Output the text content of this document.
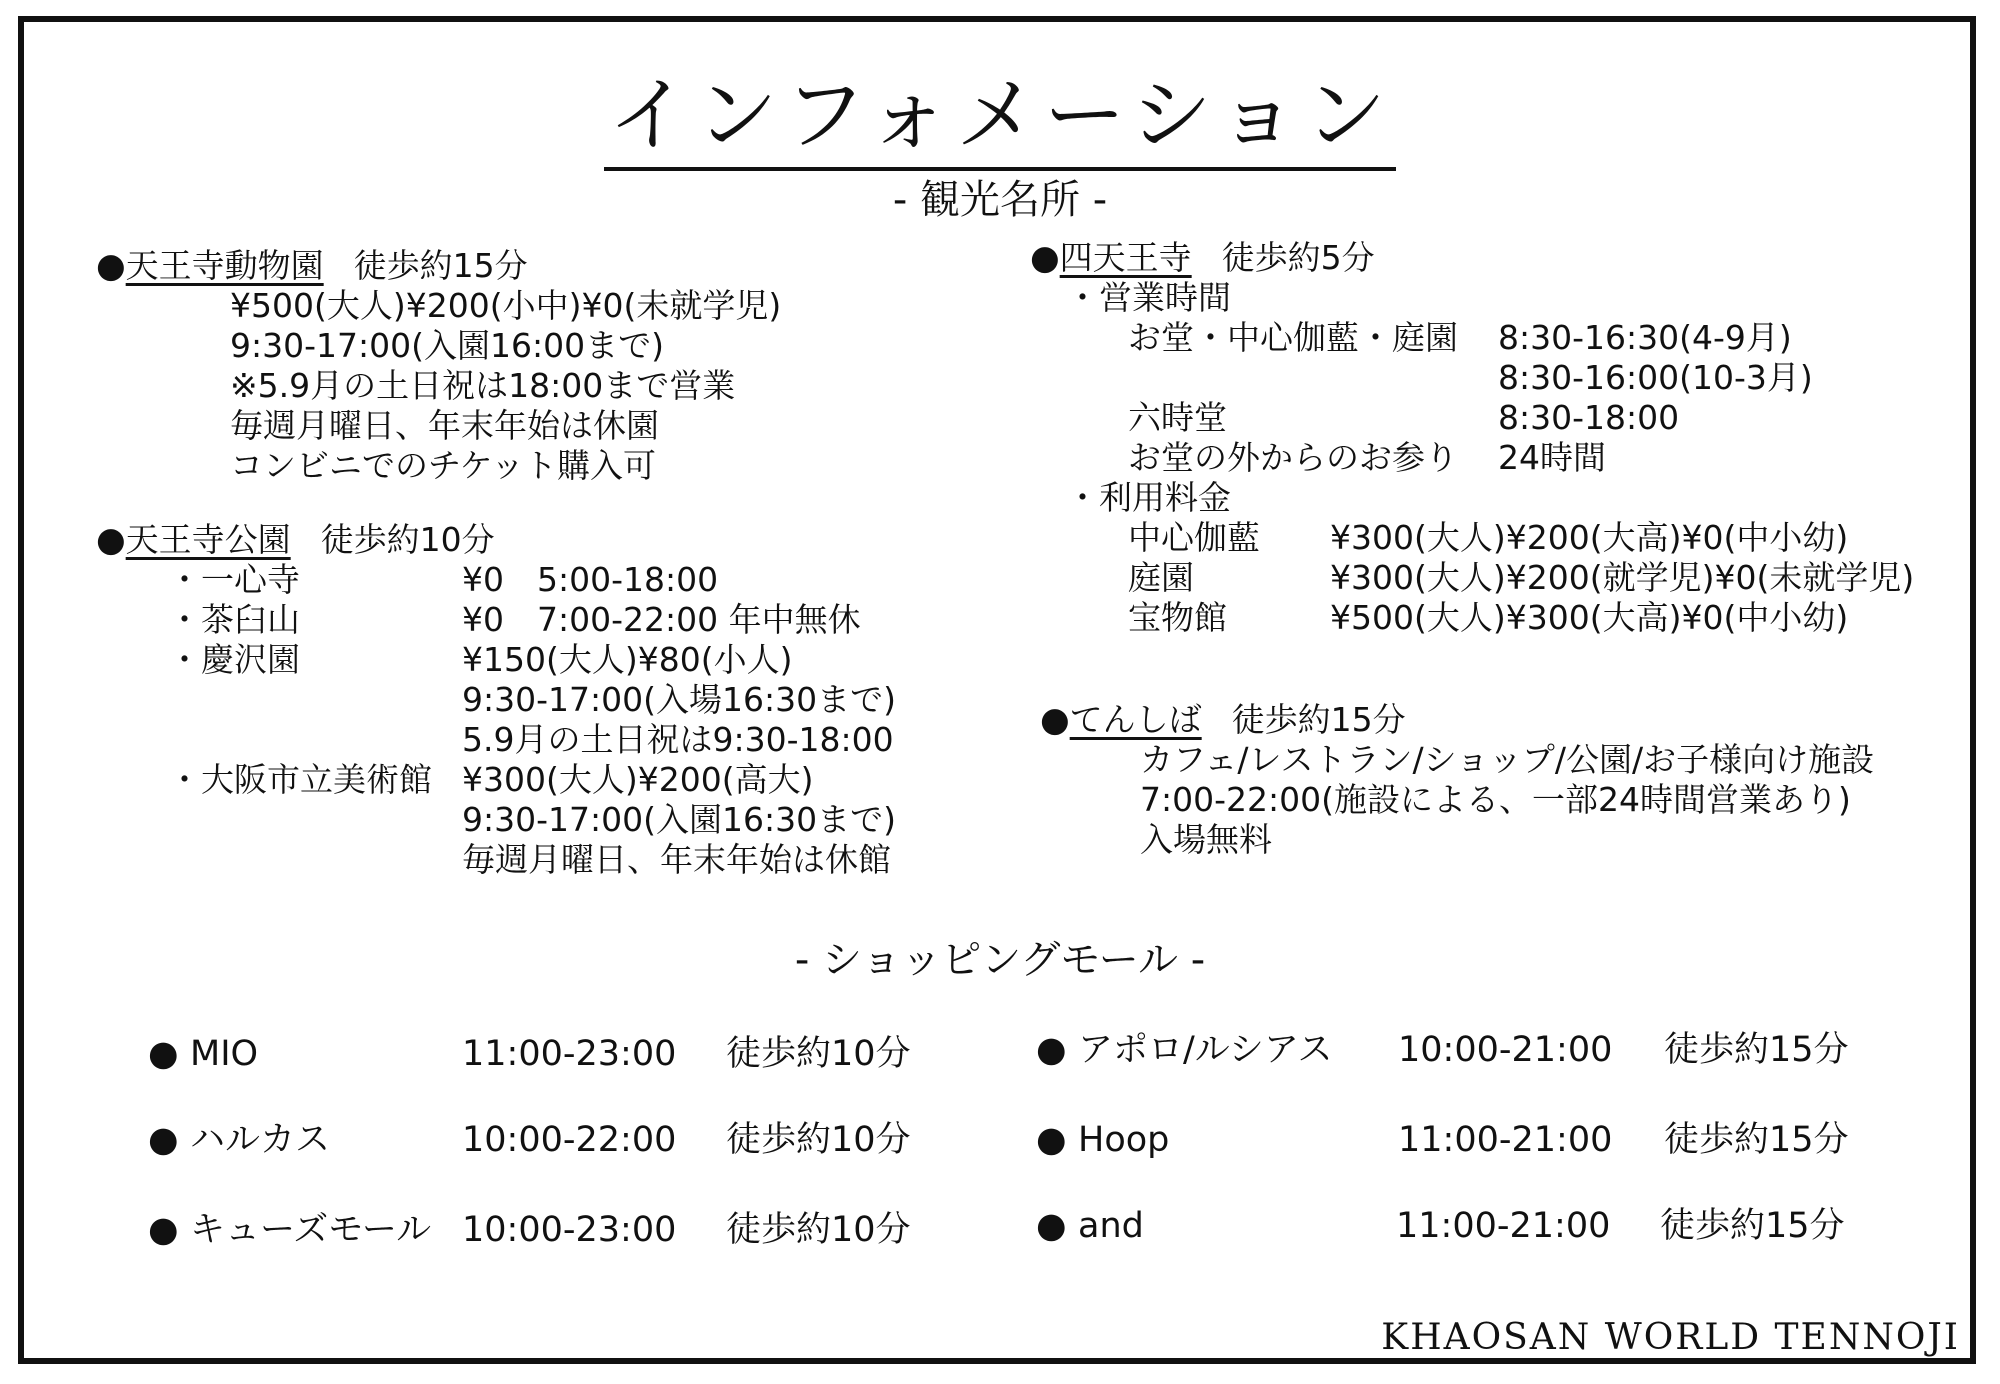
インフォメーション
- 観光名所 -
●天王寺動物園 徒歩約15分
¥500(大人)¥200(小中)¥0(未就学児)
9:30-17:00(入園16:00まで)
※5.9月の土日祝は18:00まで営業
毎週月曜日、年末年始は休園
コンビニでのチケット購入可
●天王寺公園 徒歩約10分
・一心寺	¥0　5:00-18:00
・茶臼山	¥0　7:00-22:00 年中無休
・慶沢園	¥150(大人)¥80(小人)
9:30-17:00(入場16:30まで)
5.9月の土日祝は9:30-18:00
・大阪市立美術館 ¥300(大人)¥200(高大)
9:30-17:00(入園16:30まで)
毎週月曜日、年末年始は休館
●四天王寺 徒歩約5分
・営業時間
お堂・中心伽藍・庭園 8:30-16:30(4-9月)
8:30-16:00(10-3月)
六時堂	8:30-18:00
お堂の外からのお参り 24時間
・利用料金
中心伽藍 ¥300(大人)¥200(大高)¥0(中小幼)
庭園	¥300(大人)¥200(就学児)¥0(未就学児)
宝物館	¥500(大人)¥300(大高)¥0(中小幼)
●てんしば 徒歩約15分
カフェ/レストラン/ショップ/公園/お子様向け施設
7:00-22:00(施設による、一部24時間営業あり)
入場無料
- ショッピングモール -
● MIO	11:00-23:00 徒歩約10分
● ハルカス	10:00-22:00 徒歩約10分
● キューズモール 10:00-23:00 徒歩約10分
● アポロ/ルシアス 10:00-21:00 徒歩約15分
● Hoop	11:00-21:00 徒歩約15分
● and	11:00-21:00 徒歩約15分
KHAOSAN WORLD TENNOJI
